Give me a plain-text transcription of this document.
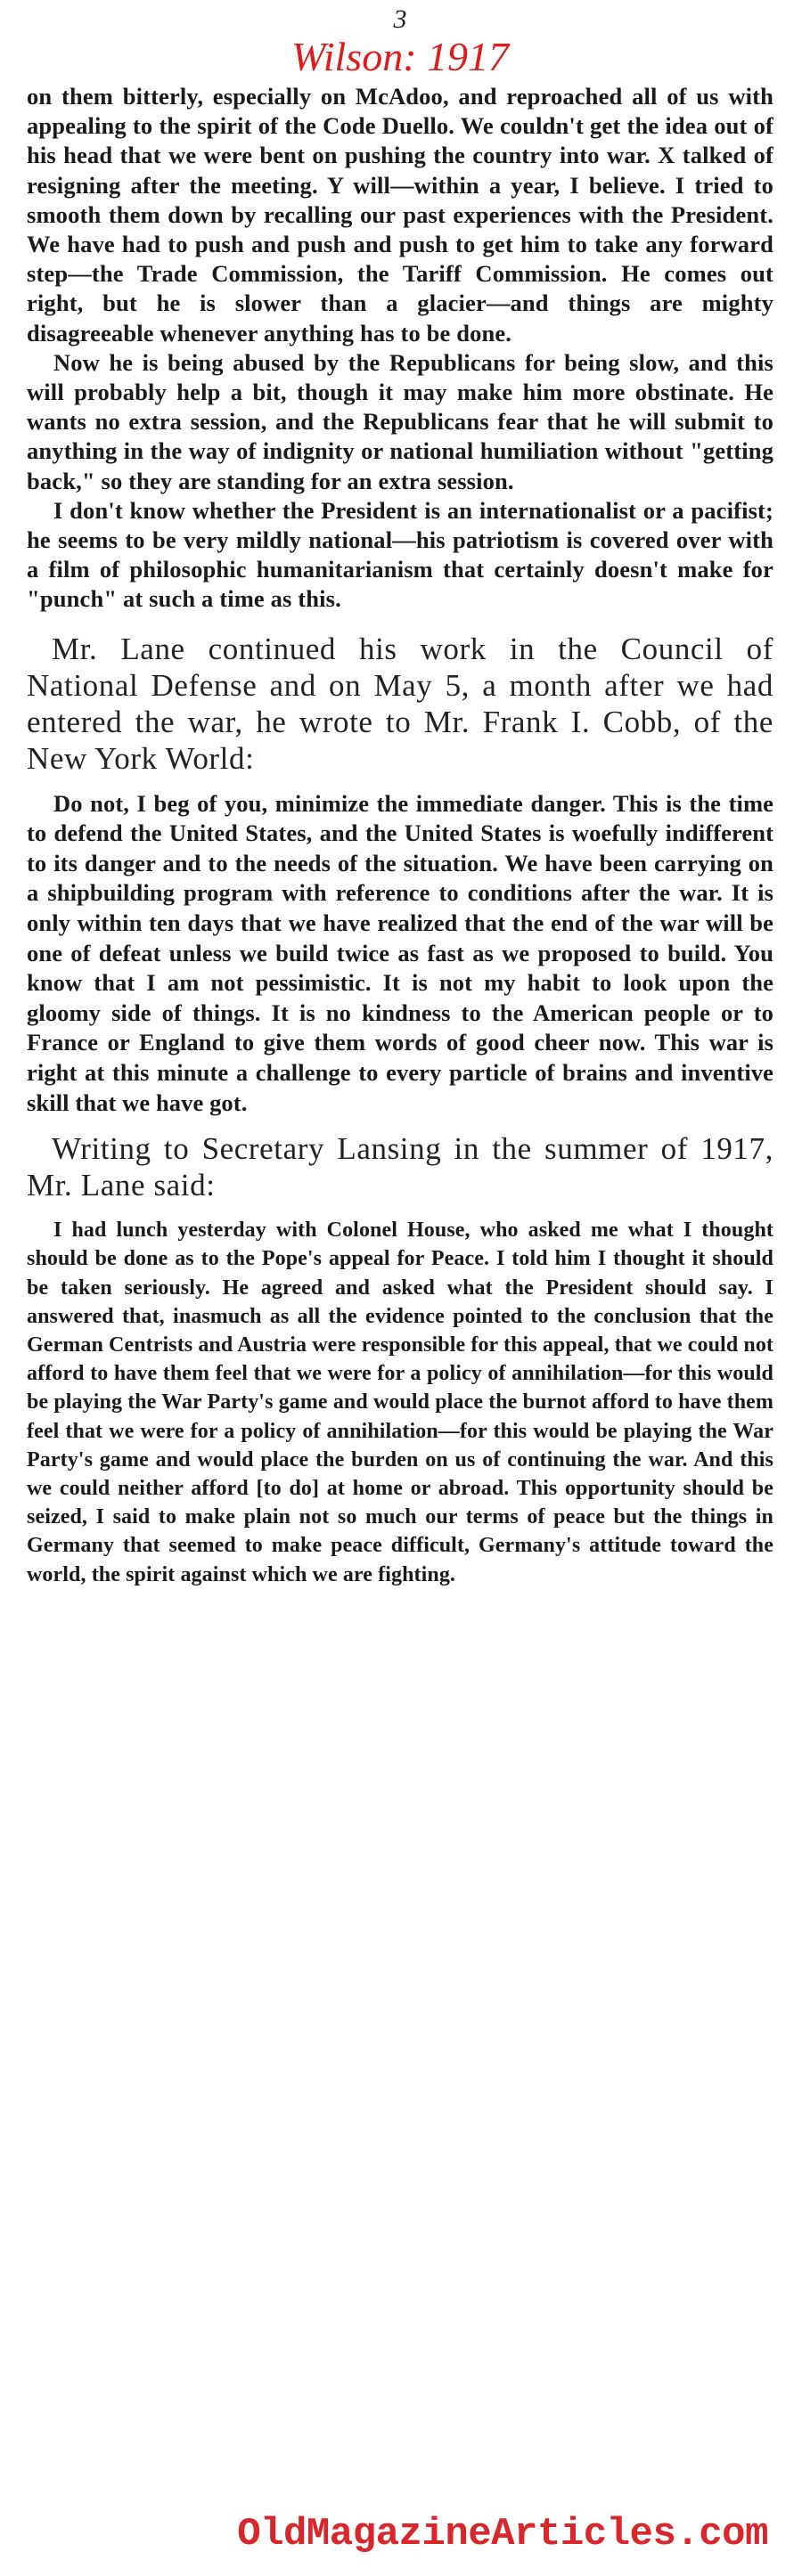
3
Wilson: 1917

on them bitterly, especially on McAdoo, and reproached all of us with appealing to the spirit of the Code Duello. We couldn't get the idea out of his head that we were bent on pushing the country into war. X talked of resigning after the meeting. Y will—within a year, I believe. I tried to smooth them down by recalling our past experiences with the President. We have had to push and push and push to get him to take any forward step—the Trade Commission, the Tariff Commission. He comes out right, but he is slower than a glacier—and things are mighty disagreeable whenever anything has to be done.

Now he is being abused by the Republicans for being slow, and this will probably help a bit, though it may make him more obstinate. He wants no extra session, and the Republicans fear that he will submit to anything in the way of indignity or national humiliation without "getting back," so they are standing for an extra session.

I don't know whether the President is an internationalist or a pacifist; he seems to be very mildly national—his patriotism is covered over with a film of philosophic humanitarianism that certainly doesn't make for "punch" at such a time as this.

Mr. Lane continued his work in the Council of National Defense and on May 5, a month after we had entered the war, he wrote to Mr. Frank I. Cobb, of the New York World:

Do not, I beg of you, minimize the immediate danger. This is the time to defend the United States, and the United States is woefully indifferent to its danger and to the needs of the situation. We have been carrying on a shipbuilding program with reference to conditions after the war. It is only within ten days that we have realized that the end of the war will be one of defeat unless we build twice as fast as we proposed to build. You know that I am not pessimistic. It is not my habit to look upon the gloomy side of things. It is no kindness to the American people or to France or England to give them words of good cheer now. This war is right at this minute a challenge to every particle of brains and inventive skill that we have got.

Writing to Secretary Lansing in the summer of 1917, Mr. Lane said:

I had lunch yesterday with Colonel House, who asked me what I thought should be done as to the Pope's appeal for Peace. I told him I thought it should be taken seriously. He agreed and asked what the President should say. I answered that, inasmuch as all the evidence pointed to the conclusion that the German Centrists and Austria were responsible for this appeal, that we could not afford to have them feel that we were for a policy of annihilation—for this would be playing the War Party's game and would place the burnot afford to have them feel that we were for a policy of annihilation—for this would be playing the War Party's game and would place the burden on us of continuing the war. And this we could neither afford [to do] at home or abroad. This opportunity should be seized, I said to make plain not so much our terms of peace but the things in Germany that seemed to make peace difficult, Germany's attitude toward the world, the spirit against which we are fighting.

OldMagazineArticles.com
